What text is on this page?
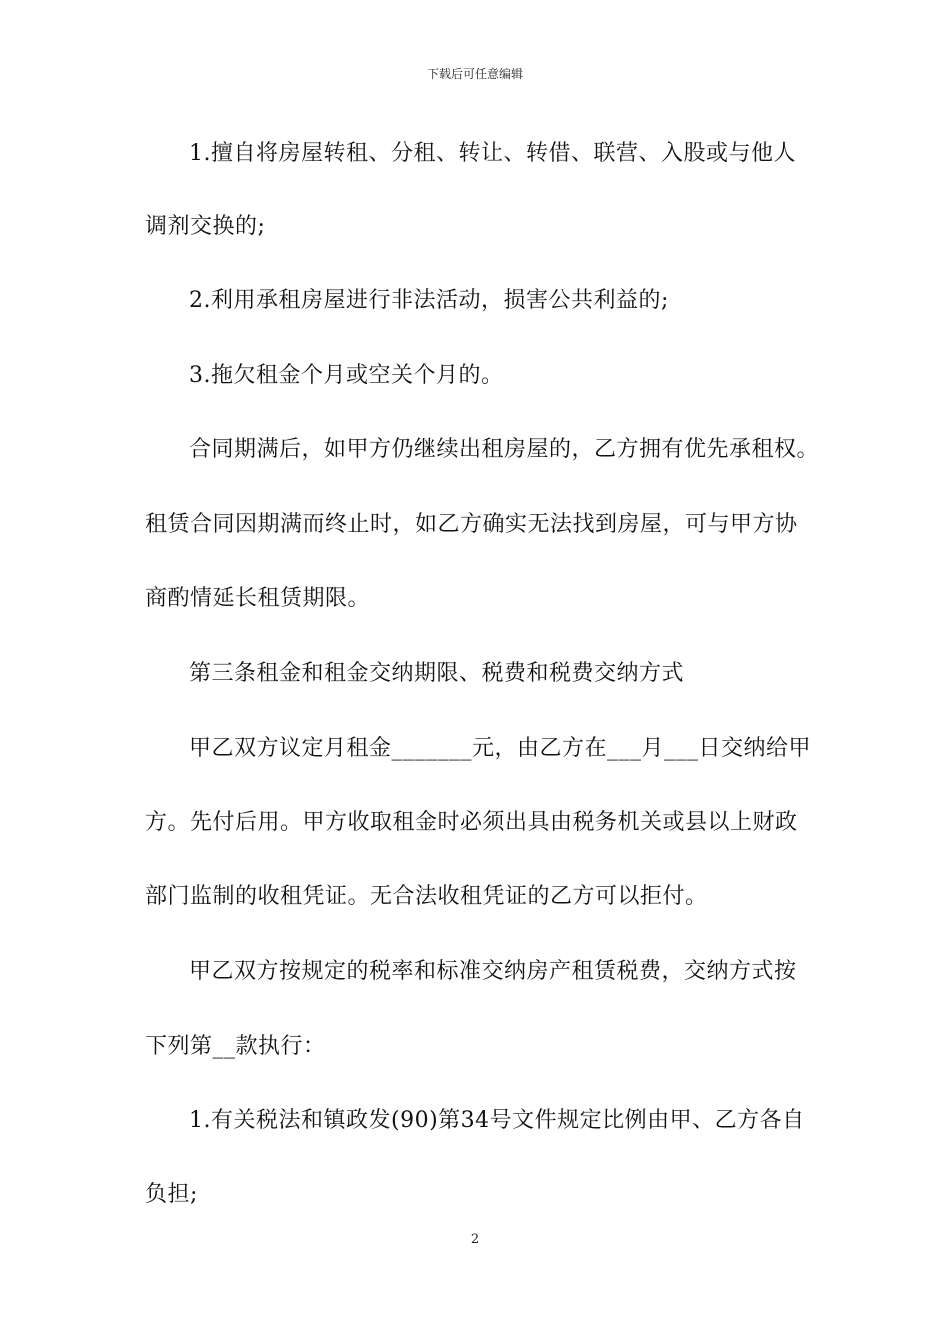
下载后可任意编辑
1.擅自将房屋转租、分租、转让、转借、联营、入股或与他人
调剂交换的;
2.利用承租房屋进行非法活动，损害公共利益的;
3.拖欠租金个月或空关个月的。
合同期满后，如甲方仍继续出租房屋的，乙方拥有优先承租权。
租赁合同因期满而终止时，如乙方确实无法找到房屋，可与甲方协
商酌情延长租赁期限。
第三条租金和租金交纳期限、税费和税费交纳方式
甲乙双方议定月租金_______元，由乙方在___月___日交纳给甲
方。先付后用。甲方收取租金时必须出具由税务机关或县以上财政
部门监制的收租凭证。无合法收租凭证的乙方可以拒付。
甲乙双方按规定的税率和标准交纳房产租赁税费，交纳方式按
下列第__款执行：
1.有关税法和镇政发(90)第34号文件规定比例由甲、乙方各自
负担;
2
